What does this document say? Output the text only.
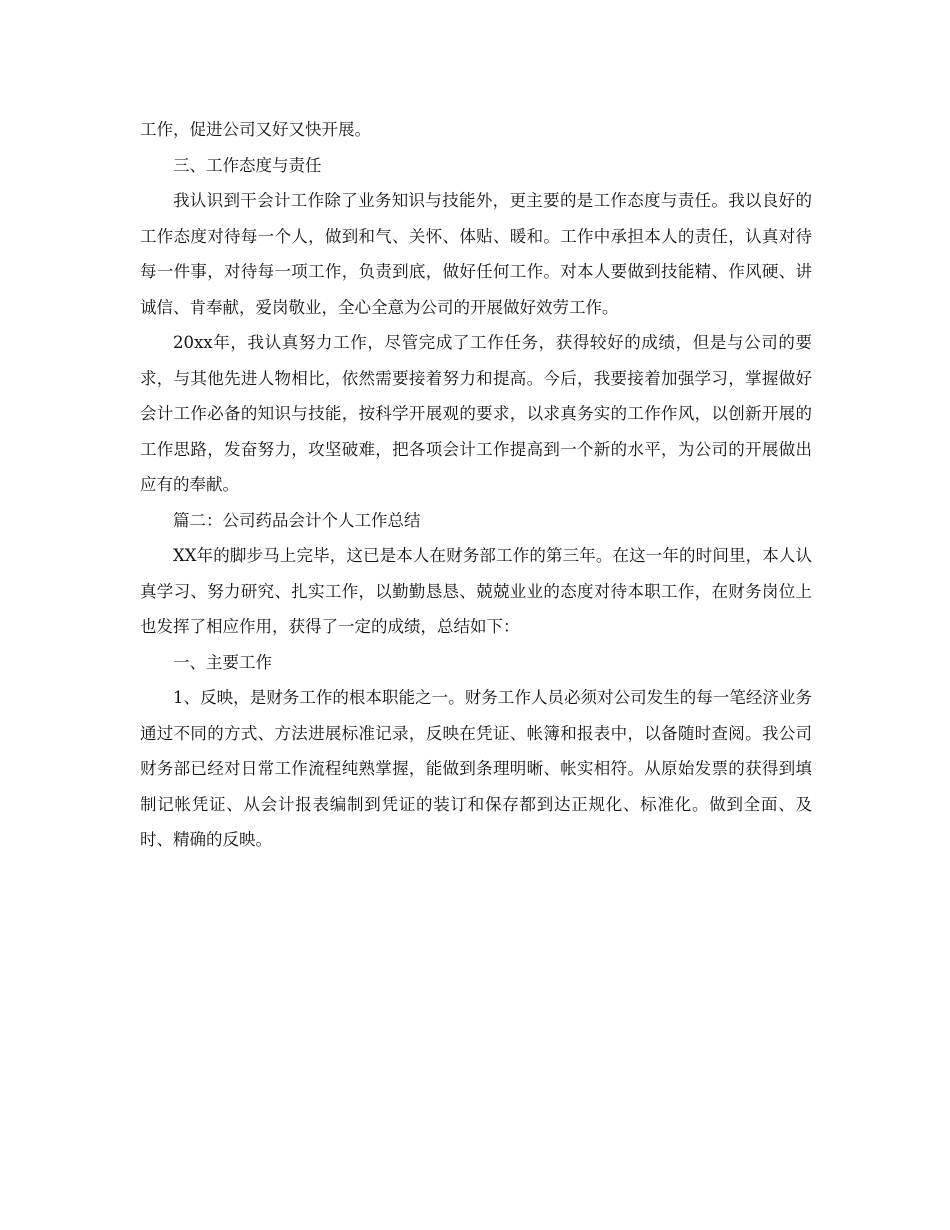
工作，促进公司又好又快开展。

三、工作态度与责任

我认识到干会计工作除了业务知识与技能外，更主要的是工作态度与责任。我以良好的工作态度对待每一个人，做到和气、关怀、体贴、暖和。工作中承担本人的责任，认真对待每一件事，对待每一项工作，负责到底，做好任何工作。对本人要做到技能精、作风硬、讲诚信、肯奉献，爱岗敬业，全心全意为公司的开展做好效劳工作。

20xx年，我认真努力工作，尽管完成了工作任务，获得较好的成绩，但是与公司的要求，与其他先进人物相比，依然需要接着努力和提高。今后，我要接着加强学习，掌握做好会计工作必备的知识与技能，按科学开展观的要求，以求真务实的工作作风，以创新开展的工作思路，发奋努力，攻坚破难，把各项会计工作提高到一个新的水平，为公司的开展做出应有的奉献。

篇二：公司药品会计个人工作总结

XX年的脚步马上完毕，这已是本人在财务部工作的第三年。在这一年的时间里，本人认真学习、努力研究、扎实工作，以勤勤恳恳、兢兢业业的态度对待本职工作，在财务岗位上也发挥了相应作用，获得了一定的成绩，总结如下：

一、主要工作

1、反映，是财务工作的根本职能之一。财务工作人员必须对公司发生的每一笔经济业务通过不同的方式、方法进展标准记录，反映在凭证、帐簿和报表中，以备随时查阅。我公司财务部已经对日常工作流程纯熟掌握，能做到条理明晰、帐实相符。从原始发票的获得到填制记帐凭证、从会计报表编制到凭证的装订和保存都到达正规化、标准化。做到全面、及时、精确的反映。
